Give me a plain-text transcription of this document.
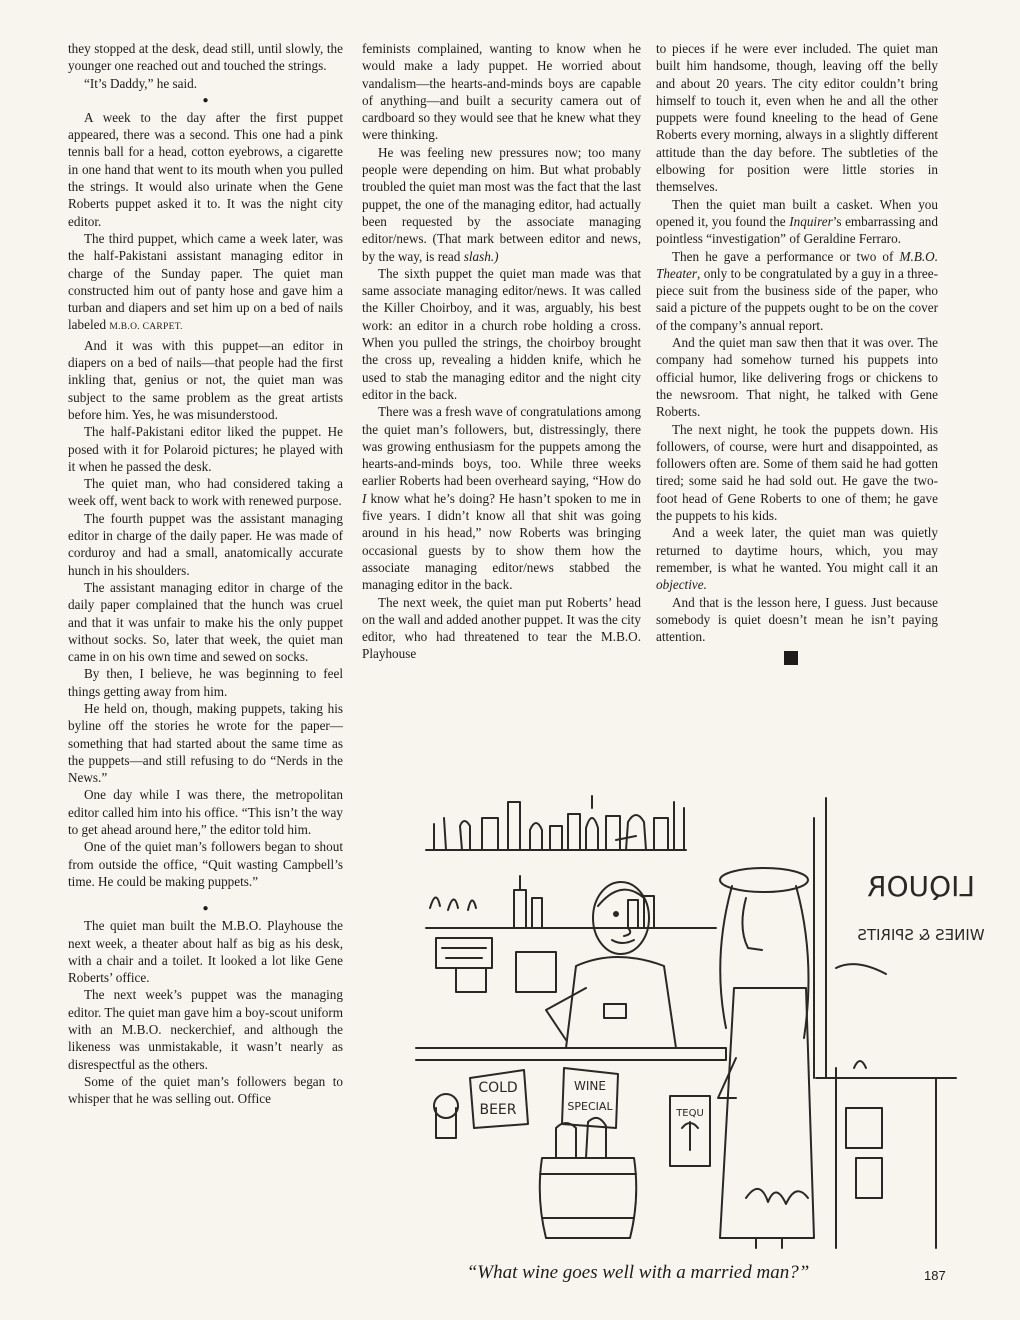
they stopped at the desk, dead still, until slowly, the younger one reached out and touched the strings.

“It’s Daddy,” he said.

●

A week to the day after the first puppet appeared, there was a second. This one had a pink tennis ball for a head, cotton eyebrows, a cigarette in one hand that went to its mouth when you pulled the strings. It would also urinate when the Gene Roberts puppet asked it to. It was the night city editor.

The third puppet, which came a week later, was the half-Pakistani assistant managing editor in charge of the Sunday paper. The quiet man constructed him out of panty hose and gave him a turban and diapers and set him up on a bed of nails labeled M.B.O. CARPET.

And it was with this puppet—an editor in diapers on a bed of nails—that people had the first inkling that, genius or not, the quiet man was subject to the same problem as the great artists before him. Yes, he was misunderstood.

The half-Pakistani editor liked the puppet. He posed with it for Polaroid pictures; he played with it when he passed the desk.

The quiet man, who had considered taking a week off, went back to work with renewed purpose.

The fourth puppet was the assistant managing editor in charge of the daily paper. He was made of corduroy and had a small, anatomically accurate hunch in his shoulders.

The assistant managing editor in charge of the daily paper complained that the hunch was cruel and that it was unfair to make his the only puppet without socks. So, later that week, the quiet man came in on his own time and sewed on socks.

By then, I believe, he was beginning to feel things getting away from him.

He held on, though, making puppets, taking his byline off the stories he wrote for the paper—something that had started about the same time as the puppets—and still refusing to do “Nerds in the News.”

One day while I was there, the metropolitan editor called him into his office. “This isn’t the way to get ahead around here,” the editor told him.

One of the quiet man’s followers began to shout from outside the office, “Quit wasting Campbell’s time. He could be making puppets.”

●

The quiet man built the M.B.O. Playhouse the next week, a theater about half as big as his desk, with a chair and a toilet. It looked a lot like Gene Roberts’ office.

The next week’s puppet was the managing editor. The quiet man gave him a boy-scout uniform with an M.B.O. neckerchief, and although the likeness was unmistakable, it wasn’t nearly as disrespectful as the others.

Some of the quiet man’s followers began to whisper that he was selling out. Office

feminists complained, wanting to know when he would make a lady puppet. He worried about vandalism—the hearts-and-minds boys are capable of anything—and built a security camera out of cardboard so they would see that he knew what they were thinking.

He was feeling new pressures now; too many people were depending on him. But what probably troubled the quiet man most was the fact that the last puppet, the one of the managing editor, had actually been requested by the associate managing editor/news. (That mark between editor and news, by the way, is read slash.)

The sixth puppet the quiet man made was that same associate managing editor/news. It was called the Killer Choirboy, and it was, arguably, his best work: an editor in a church robe holding a cross. When you pulled the strings, the choirboy brought the cross up, revealing a hidden knife, which he used to stab the managing editor and the night city editor in the back.

There was a fresh wave of congratulations among the quiet man’s followers, but, distressingly, there was growing enthusiasm for the puppets among the hearts-and-minds boys, too. While three weeks earlier Roberts had been overheard saying, “How do I know what he’s doing? He hasn’t spoken to me in five years. I didn’t know all that shit was going around in his head,” now Roberts was bringing occasional guests by to show them how the associate managing editor/news stabbed the managing editor in the back.

The next week, the quiet man put Roberts’ head on the wall and added another puppet. It was the city editor, who had threatened to tear the M.B.O. Playhouse

to pieces if he were ever included. The quiet man built him handsome, though, leaving off the belly and about 20 years. The city editor couldn’t bring himself to touch it, even when he and all the other puppets were found kneeling to the head of Gene Roberts every morning, always in a slightly different attitude than the day before. The subtleties of the elbowing for position were little stories in themselves.

Then the quiet man built a casket. When you opened it, you found the Inquirer’s embarrassing and pointless “investigation” of Geraldine Ferraro.

Then he gave a performance or two of M.B.O. Theater, only to be congratulated by a guy in a three-piece suit from the business side of the paper, who said a picture of the puppets ought to be on the cover of the company’s annual report.

And the quiet man saw then that it was over. The company had somehow turned his puppets into official humor, like delivering frogs or chickens to the newsroom. That night, he talked with Gene Roberts.

The next night, he took the puppets down. His followers, of course, were hurt and disappointed, as followers often are. Some of them said he had gotten tired; some said he had sold out. He gave the two-foot head of Gene Roberts to one of them; he gave the puppets to his kids.

And a week later, the quiet man was quietly returned to daytime hours, which, you may remember, is what he wanted. You might call it an objective.

And that is the lesson here, I guess. Just because somebody is quiet doesn’t mean he isn’t paying attention.

LIQUOR
WINES & SPIRITS
COLD
BEER
WINE
SPECIAL
TEQU
“What wine goes well with a married man?”	187
